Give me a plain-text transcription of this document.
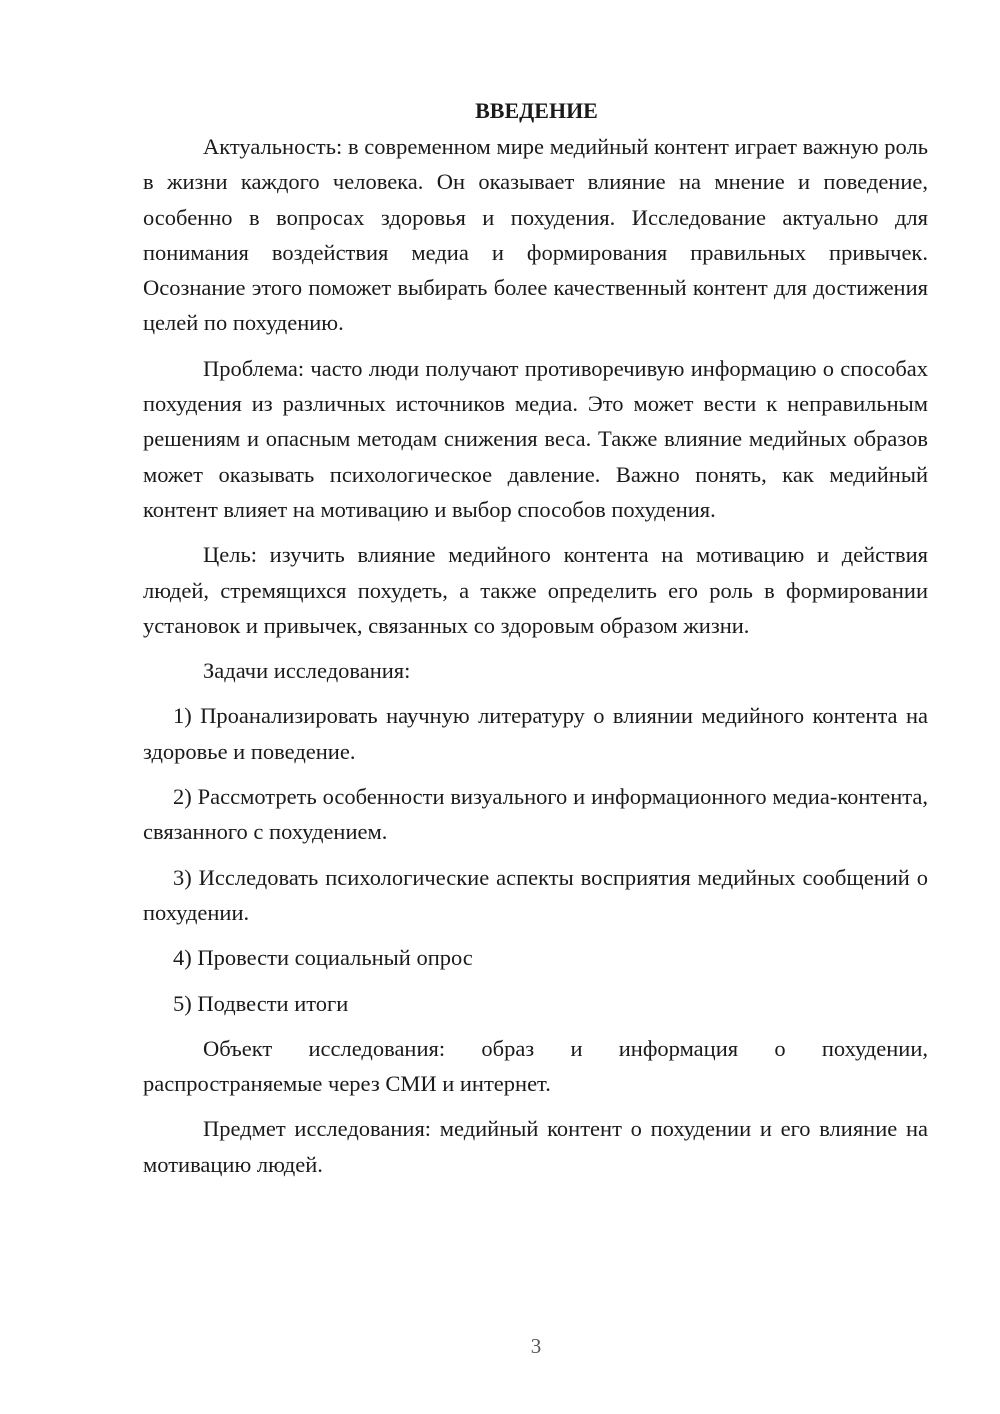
ВВЕДЕНИЕ

Актуальность: в современном мире медийный контент играет важную роль в жизни каждого человека. Он оказывает влияние на мнение и поведение, особенно в вопросах здоровья и похудения. Исследование актуально для понимания воздействия медиа и формирования правильных привычек. Осознание этого поможет выбирать более качественный контент для достижения целей по похудению.

Проблема: часто люди получают противоречивую информацию о способах похудения из различных источников медиа. Это может вести к неправильным решениям и опасным методам снижения веса. Также влияние медийных образов может оказывать психологическое давление. Важно понять, как медийный контент влияет на мотивацию и выбор способов похудения.

Цель: изучить влияние медийного контента на мотивацию и действия людей, стремящихся похудеть, а также определить его роль в формировании установок и привычек, связанных со здоровым образом жизни.

Задачи исследования:

1) Проанализировать научную литературу о влиянии медийного контента на здоровье и поведение.

2) Рассмотреть особенности визуального и информационного медиа-контента, связанного с похудением.

3) Исследовать психологические аспекты восприятия медийных сообщений о похудении.

4) Провести социальный опрос

5) Подвести итоги

Объект исследования: образ и информация о похудении, распространяемые через СМИ и интернет.

Предмет исследования: медийный контент о похудении и его влияние на мотивацию людей.

3
